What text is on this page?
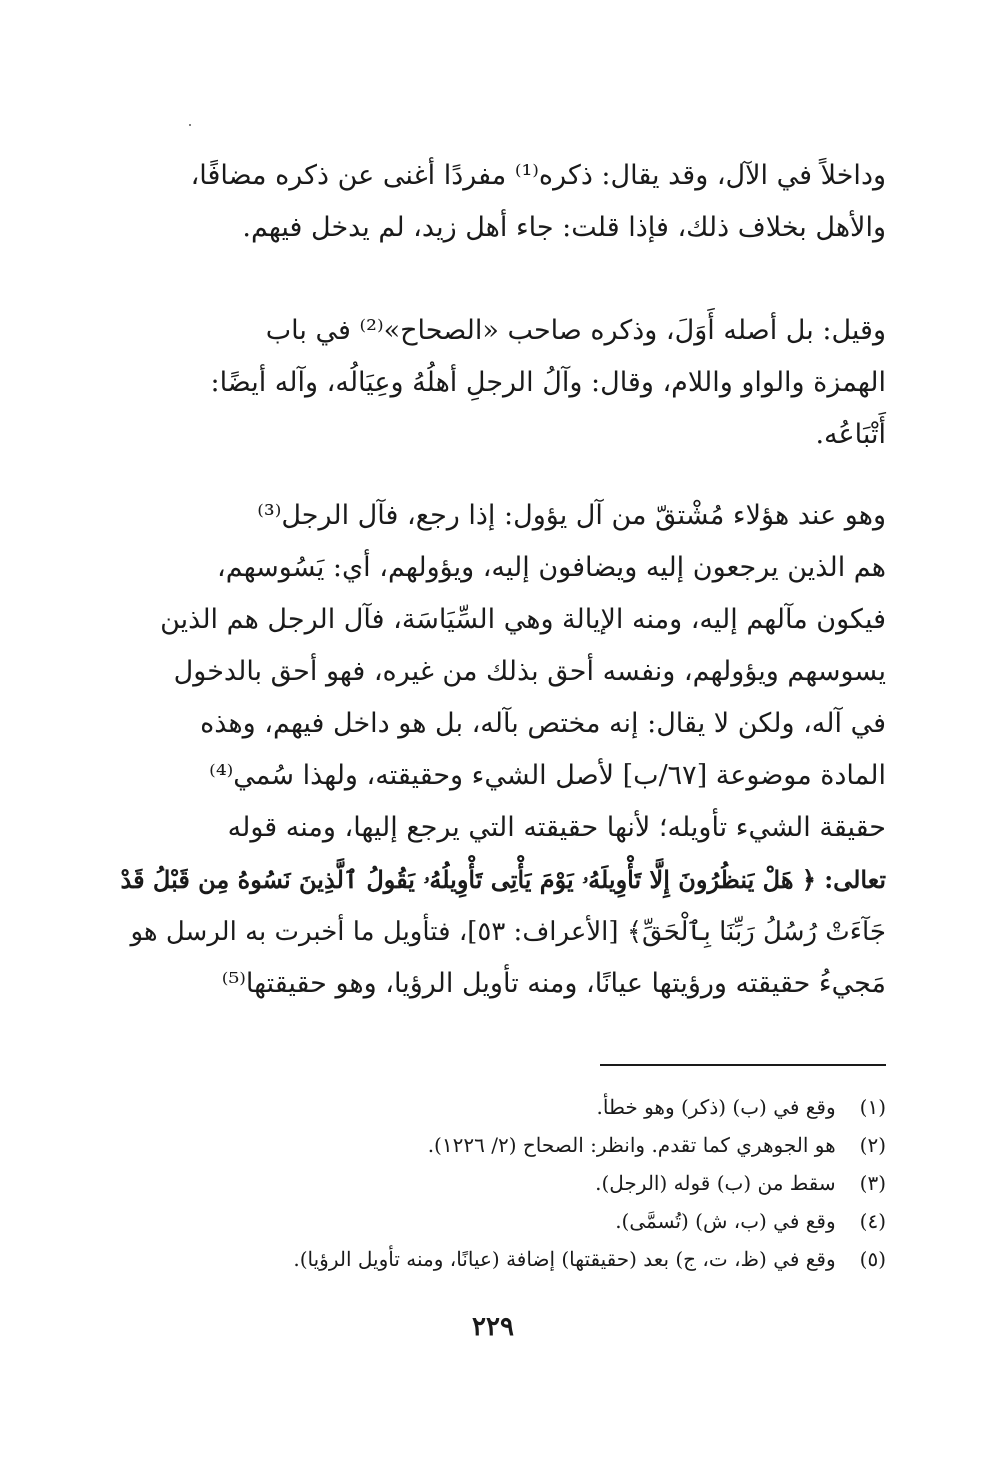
وداخلاً في الآل، وقد يقال: ذكره⁽¹⁾ مفردًا أغنى عن ذكره مضافًا،
والأهل بخلاف ذلك، فإذا قلت: جاء أهل زيد، لم يدخل فيهم.
وقيل: بل أصله أَوَلَ، وذكره صاحب «الصحاح»⁽²⁾ في باب
الهمزة والواو واللام، وقال: وآلُ الرجلِ أهلُهُ وعِيَالُه، وآله أيضًا:
أَتْبَاعُه.
وهو عند هؤلاء مُشْتقّ من آل يؤول: إذا رجع، فآل الرجل⁽³⁾
هم الذين يرجعون إليه ويضافون إليه، ويؤولهم، أي: يَسُوسهم،
فيكون مآلهم إليه، ومنه الإيالة وهي السِّيَاسَة، فآل الرجل هم الذين
يسوسهم ويؤولهم، ونفسه أحق بذلك من غيره، فهو أحق بالدخول
في آله، ولكن لا يقال: إنه مختص بآله، بل هو داخل فيهم، وهذه
المادة موضوعة [٦٧/ب] لأصل الشيء وحقيقته، ولهذا سُمي⁽⁴⁾
حقيقة الشيء تأويله؛ لأنها حقيقته التي يرجع إليها، ومنه قوله
تعالى: ﴿ هَلْ يَنظُرُونَ إِلَّا تَأْوِيلَهُۥ يَوْمَ يَأْتِى تَأْوِيلُهُۥ يَقُولُ ٱلَّذِينَ نَسُوهُ مِن قَبْلُ قَدْ
جَآءَتْ رُسُلُ رَبِّنَا بِٱلْحَقِّ﴾ [الأعراف: ٥٣]، فتأويل ما أخبرت به الرسل هو
مَجيءُ حقيقته ورؤيتها عيانًا، ومنه تأويل الرؤيا، وهو حقيقتها⁽⁵⁾
(١) وقع في (ب) (ذكر) وهو خطأ.
(٢) هو الجوهري كما تقدم. وانظر: الصحاح (٢/ ١٢٢٦).
(٣) سقط من (ب) قوله (الرجل).
(٤) وقع في (ب، ش) (تُسمَّى).
(٥) وقع في (ظ، ت، ج) بعد (حقيقتها) إضافة (عيانًا، ومنه تأويل الرؤيا).
٢٢٩
